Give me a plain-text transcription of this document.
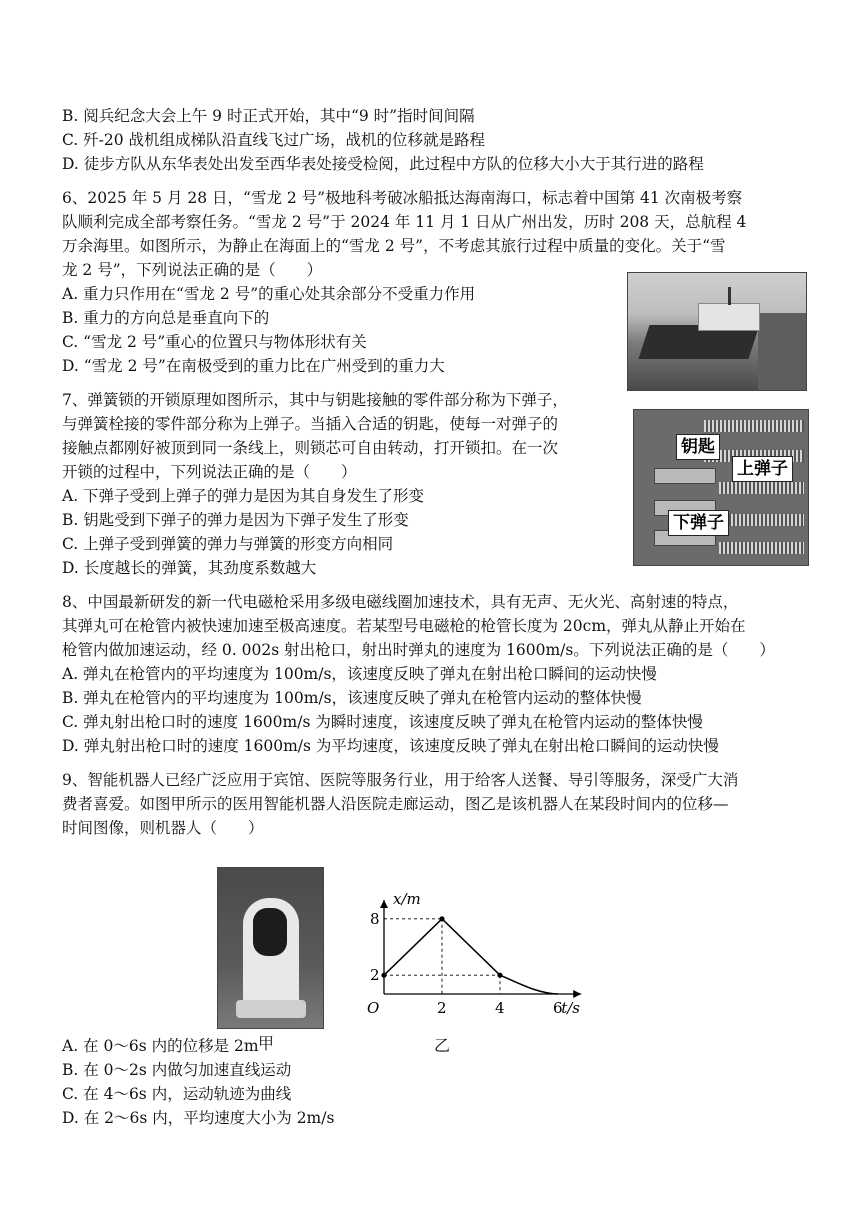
B. 阅兵纪念大会上午 9 时正式开始，其中“9 时”指时间间隔
C. 歼-20 战机组成梯队沿直线飞过广场，战机的位移就是路程
D. 徒步方队从东华表处出发至西华表处接受检阅，此过程中方队的位移大小大于其行进的路程
6、2025 年 5 月 28 日，“雪龙 2 号”极地科考破冰船抵达海南海口，标志着中国第 41 次南极考察
队顺利完成全部考察任务。“雪龙 2 号”于 2024 年 11 月 1 日从广州出发，历时 208 天，总航程 4
万余海里。如图所示，为静止在海面上的“雪龙 2 号”，不考虑其旅行过程中质量的变化。关于“雪
龙 2 号”，下列说法正确的是（　　）
A. 重力只作用在“雪龙 2 号”的重心处其余部分不受重力作用
B. 重力的方向总是垂直向下的
C. “雪龙 2 号”重心的位置只与物体形状有关
D. “雪龙 2 号”在南极受到的重力比在广州受到的重力大
7、弹簧锁的开锁原理如图所示，其中与钥匙接触的零件部分称为下弹子，
与弹簧栓接的零件部分称为上弹子。当插入合适的钥匙，使每一对弹子的
接触点都刚好被顶到同一条线上，则锁芯可自由转动，打开锁扣。在一次
开锁的过程中，下列说法正确的是（　　）
A. 下弹子受到上弹子的弹力是因为其自身发生了形变
B. 钥匙受到下弹子的弹力是因为下弹子发生了形变
C. 上弹子受到弹簧的弹力与弹簧的形变方向相同
D. 长度越长的弹簧，其劲度系数越大
8、中国最新研发的新一代电磁枪采用多级电磁线圈加速技术，具有无声、无火光、高射速的特点，
其弹丸可在枪管内被快速加速至极高速度。若某型号电磁枪的枪管长度为 20cm，弹丸从静止开始在
枪管内做加速运动，经 0. 002s 射出枪口，射出时弹丸的速度为 1600m/s。下列说法正确的是（　　）
A. 弹丸在枪管内的平均速度为 100m/s，该速度反映了弹丸在射出枪口瞬间的运动快慢
B. 弹丸在枪管内的平均速度为 100m/s，该速度反映了弹丸在枪管内运动的整体快慢
C. 弹丸射出枪口时的速度 1600m/s 为瞬时速度，该速度反映了弹丸在枪管内运动的整体快慢
D. 弹丸射出枪口时的速度 1600m/s 为平均速度，该速度反映了弹丸在射出枪口瞬间的运动快慢
9、智能机器人已经广泛应用于宾馆、医院等服务行业，用于给客人送餐、导引等服务，深受广大消
费者喜爱。如图甲所示的医用智能机器人沿医院走廊运动，图乙是该机器人在某段时间内的位移—
时间图像，则机器人（　　）
A. 在 0～6s 内的位移是 2m
B. 在 0～2s 内做匀加速直线运动
C. 在 4～6s 内，运动轨迹为曲线
D. 在 2～6s 内，平均速度大小为 2m/s
钥匙
上弹子
下弹子
甲	乙
2	4	6
2
8
O
x/m
t/s
